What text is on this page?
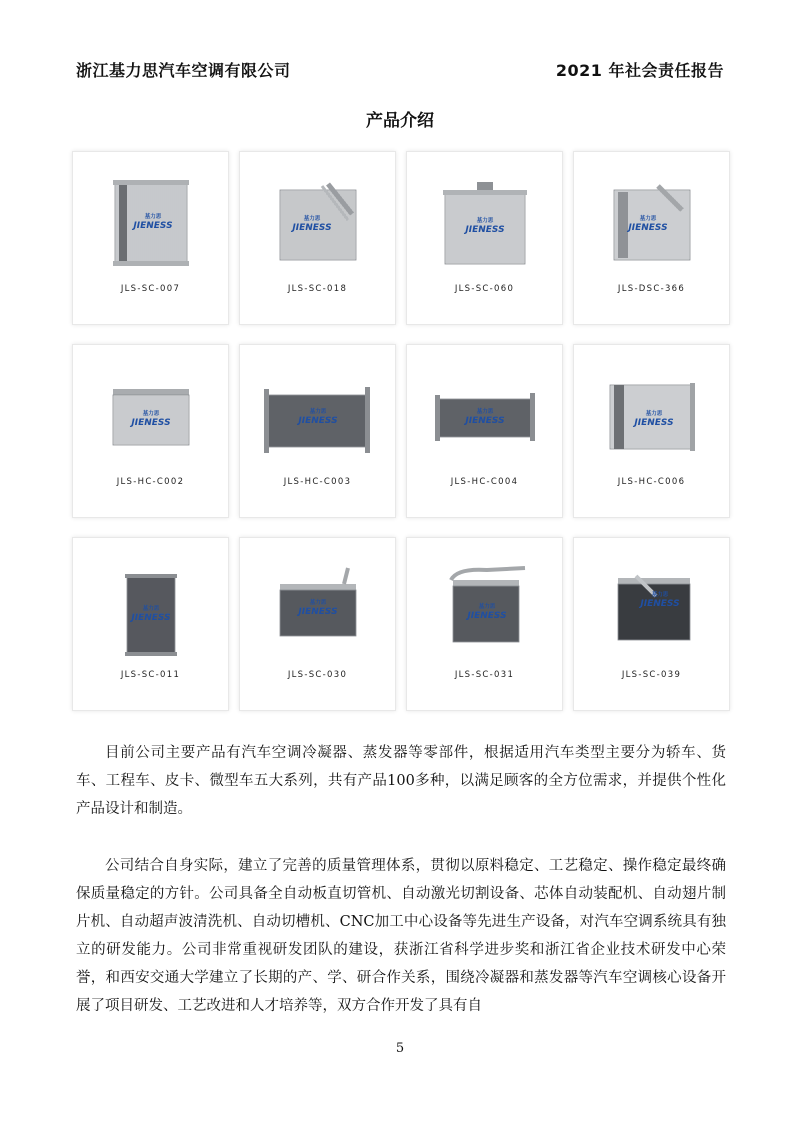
浙江基力思汽车空调有限公司	2021 年社会责任报告
产品介绍
基力思
JIENESS
JLS-SC-007
基力思
JIENESS
JLS-SC-018
基力思
JIENESS
JLS-SC-060
基力思
JIENESS
JLS-DSC-366
基力思
JIENESS
JLS-HC-C002
基力思
JIENESS
JLS-HC-C003
基力思
JIENESS
JLS-HC-C004
基力思
JIENESS
JLS-HC-C006
基力思
JIENESS
JLS-SC-011
基力思
JIENESS
JLS-SC-030
基力思
JIENESS
JLS-SC-031
基力思
JIENESS
JLS-SC-039
目前公司主要产品有汽车空调冷凝器、蒸发器等零部件，根据适用汽车类型主要分为轿车、货车、工程车、皮卡、微型车五大系列，共有产品100多种，以满足顾客的全方位需求，并提供个性化产品设计和制造。
公司结合自身实际，建立了完善的质量管理体系，贯彻以原料稳定、工艺稳定、操作稳定最终确保质量稳定的方针。公司具备全自动板直切管机、自动激光切割设备、芯体自动装配机、自动翅片制片机、自动超声波清洗机、自动切槽机、CNC加工中心设备等先进生产设备，对汽车空调系统具有独立的研发能力。公司非常重视研发团队的建设，获浙江省科学进步奖和浙江省企业技术研发中心荣誉，和西安交通大学建立了长期的产、学、研合作关系，围绕冷凝器和蒸发器等汽车空调核心设备开展了项目研发、工艺改进和人才培养等，双方合作开发了具有自
5
